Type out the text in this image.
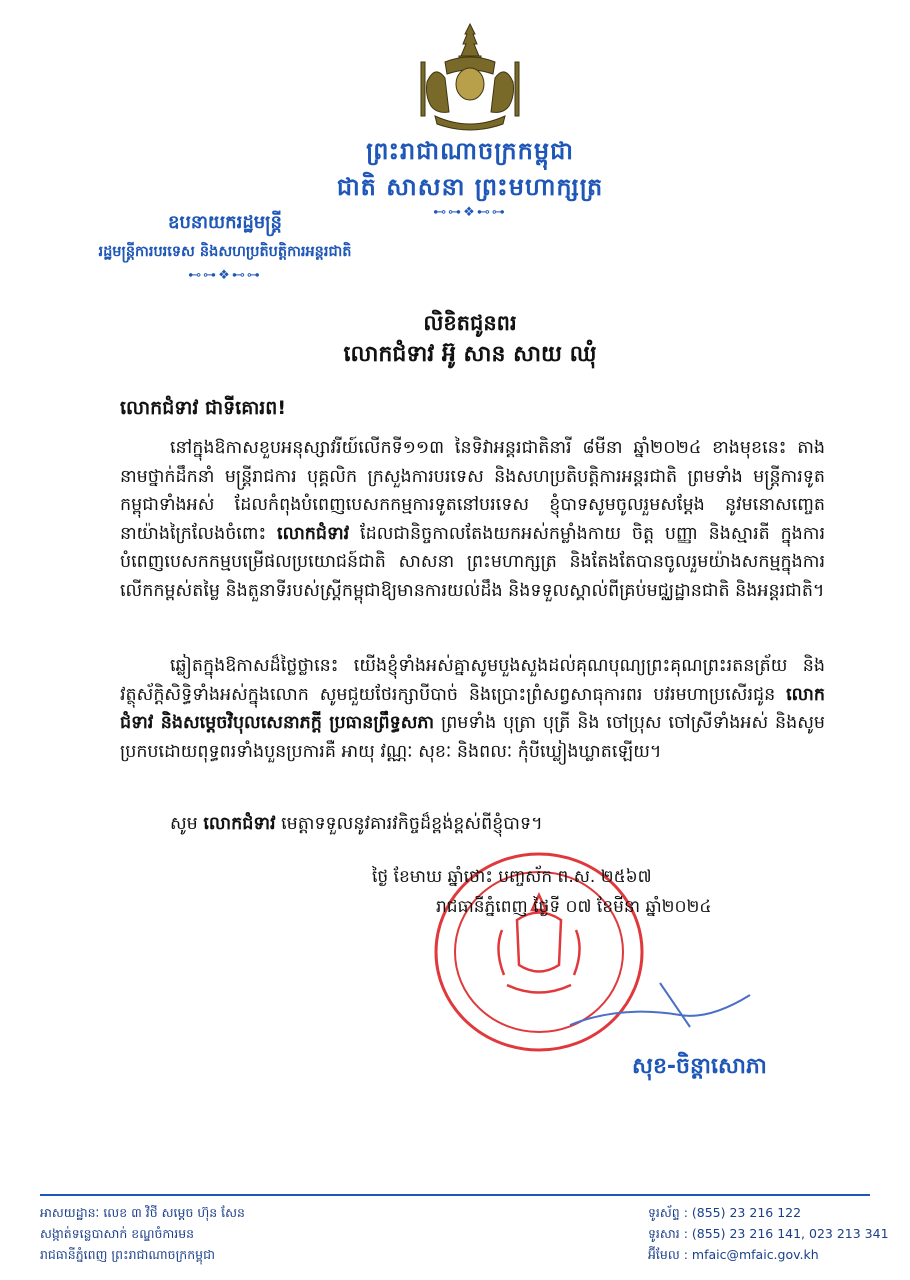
ព្រះរាជាណាចក្រកម្ពុជា
ជាតិ សាសនា ព្រះមហាក្សត្រ
⊷⊶❖⊷⊶
ឧបនាយករដ្ឋមន្ត្រី
រដ្ឋមន្ត្រីការបរទេស និងសហប្រតិបត្តិការអន្តរជាតិ
⊷⊶❖⊷⊶
លិខិតជូនពរ
លោកជំទាវ អ៊ូ សាន សាយ ឈុំ
លោកជំទាវ ជាទីគោរព!

នៅក្នុងឱកាសខួបអនុស្សាវរីយ៍លើកទី១១៣ នៃទិវាអន្តរជាតិនារី ៨មីនា ឆ្នាំ២០២៤ ខាងមុខនេះ តាងនាមថ្នាក់ដឹកនាំ មន្ត្រីរាជការ បុគ្គលិក ក្រសួងការបរទេស និងសហប្រតិបត្តិការអន្តរជាតិ ព្រមទាំង មន្ត្រីការទូតកម្ពុជាទាំងអស់ ដែលកំពុងបំពេញបេសកកម្មការទូតនៅបរទេស ខ្ញុំបាទសូមចូលរួមសម្តែង នូវមនោសញ្ចេតនាយ៉ាងក្រៃលែងចំពោះ លោកជំទាវ ដែលជានិច្ចកាលតែងយកអស់កម្លាំងកាយ ចិត្ត បញ្ញា និងស្មារតី ក្នុងការបំពេញបេសកកម្មបម្រើផលប្រយោជន៍ជាតិ សាសនា ព្រះមហាក្សត្រ និងតែងតែបានចូលរួមយ៉ាងសកម្មក្នុងការលើកកម្ពស់តម្លៃ និងតួនាទីរបស់ស្ត្រីកម្ពុជាឱ្យមានការយល់ដឹង និងទទួលស្គាល់ពីគ្រប់មជ្ឈដ្ឋានជាតិ និងអន្តរជាតិ។

ឆ្លៀតក្នុងឱកាសដ៏ថ្លៃថ្លានេះ យើងខ្ញុំទាំងអស់គ្នាសូមបួងសួងដល់គុណបុណ្យព្រះគុណព្រះរតនត្រ័យ និង វត្ថុស័ក្តិសិទ្ធិទាំងអស់ក្នុងលោក សូមជួយថែរក្សាបីបាច់ និងប្រោះព្រំសព្វសាធុការពរ បវរមហាប្រសើរជូន លោកជំទាវ និងសម្តេចវិបុលសេនាភក្តី ប្រធានព្រឹទ្ធសភា ព្រមទាំង បុត្រា បុត្រី និង ចៅប្រុស ចៅស្រីទាំងអស់ និងសូមប្រកបដោយពុទ្ធពរទាំងបួនប្រការគឺ អាយុ វណ្ណៈ សុខៈ និងពលៈ កុំបីឃ្លៀងឃ្លាតឡើយ។

សូម លោកជំទាវ មេត្តាទទួលនូវគារវកិច្ចដ៏ខ្ពង់ខ្ពស់ពីខ្ញុំបាទ។

ថ្ងៃ ខែមាឃ ឆ្នាំថោះ បញ្ចស័ក ព.ស. ២៥៦៧
រាជធានីភ្នំពេញ ថ្ងៃទី ០៧ ខែមីនា ឆ្នាំ២០២៤
សុខ-ចិន្តាសោភា
អាសយដ្ឋានៈ លេខ ៣ វិថី សម្តេច ហ៊ុន សែន
សង្កាត់ទន្លេបាសាក់ ខណ្ឌចំការមន
រាជធានីភ្នំពេញ ព្រះរាជាណាចក្រកម្ពុជា
ទូរស័ព្ទ : (855) 23 216 122
ទូរសារ : (855) 23 216 141, 023 213 341
អ៊ីមែល : mfaic@mfaic.gov.kh
